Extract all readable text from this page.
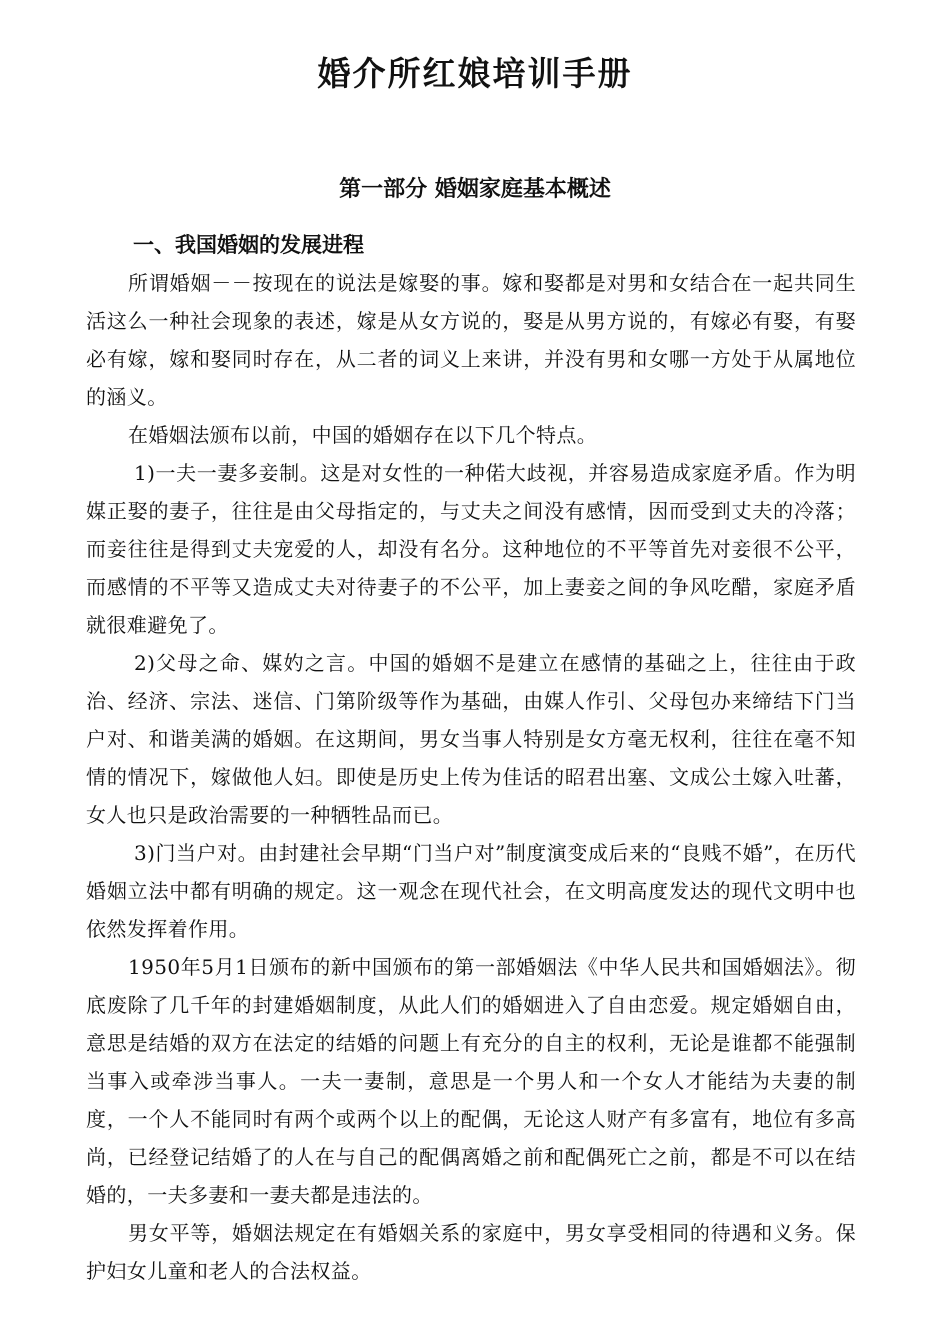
婚介所红娘培训手册
第一部分 婚姻家庭基本概述
一、我国婚姻的发展进程

所谓婚姻－－按现在的说法是嫁娶的事。嫁和娶都是对男和女结合在一起共同生活这么一种社会现象的表述，嫁是从女方说的，娶是从男方说的，有嫁必有娶，有娶必有嫁，嫁和娶同时存在，从二者的词义上来讲，并没有男和女哪一方处于从属地位的涵义。

在婚姻法颁布以前，中国的婚姻存在以下几个特点。

1)一夫一妻多妾制。这是对女性的一种偌大歧视，并容易造成家庭矛盾。作为明媒正娶的妻子，往往是由父母指定的，与丈夫之间没有感情，因而受到丈夫的冷落；而妾往往是得到丈夫宠爱的人，却没有名分。这种地位的不平等首先对妾很不公平，而感情的不平等又造成丈夫对待妻子的不公平，加上妻妾之间的争风吃醋，家庭矛盾就很难避免了。

2)父母之命、媒妁之言。中国的婚姻不是建立在感情的基础之上，往往由于政治、经济、宗法、迷信、门第阶级等作为基础，由媒人作引、父母包办来缔结下门当户对、和谐美满的婚姻。在这期间，男女当事人特别是女方毫无权利，往往在毫不知情的情况下，嫁做他人妇。即使是历史上传为佳话的昭君出塞、文成公土嫁入吐蕃，女人也只是政治需要的一种牺牲品而已。

3)门当户对。由封建社会早期“门当户对”制度演变成后来的“良贱不婚”，在历代婚姻立法中都有明确的规定。这一观念在现代社会，在文明高度发达的现代文明中也依然发挥着作用。

1950年5月1日颁布的新中国颁布的第一部婚姻法《中华人民共和国婚姻法》。彻底废除了几千年的封建婚姻制度，从此人们的婚姻进入了自由恋爱。规定婚姻自由，意思是结婚的双方在法定的结婚的问题上有充分的自主的权利，无论是谁都不能强制当事入或牵涉当事人。一夫一妻制，意思是一个男人和一个女人才能结为夫妻的制度，一个人不能同时有两个或两个以上的配偶，无论这人财产有多富有，地位有多高尚，已经登记结婚了的人在与自己的配偶离婚之前和配偶死亡之前，都是不可以在结婚的，一夫多妻和一妻夫都是违法的。

男女平等，婚姻法规定在有婚姻关系的家庭中，男女享受相同的待遇和义务。保护妇女儿童和老人的合法权益。
